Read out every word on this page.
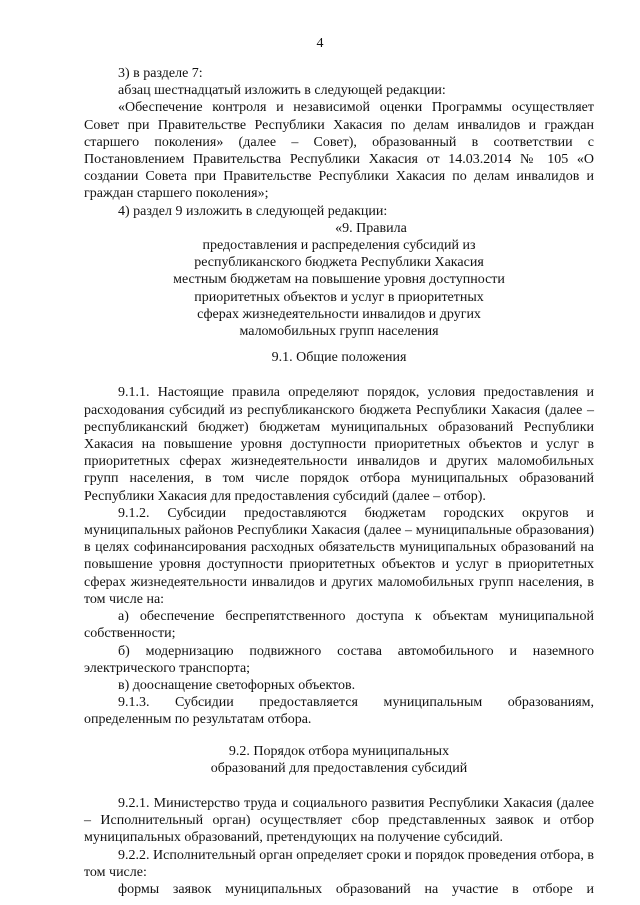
4

3) в разделе 7:

абзац шестнадцатый изложить в следующей редакции:

«Обеспечение контроля и независимой оценки Программы осуществляет Совет при Правительстве Республики Хакасия по делам инвалидов и граждан старшего поколения» (далее – Совет), образованный в соответствии с Постановлением Правительства Республики Хакасия от 14.03.2014 № 105 «О создании Совета при Правительстве Республики Хакасия по делам инвалидов и граждан старшего поколения»;

4) раздел 9 изложить в следующей редакции:

«9. Правила

предоставления и распределения субсидий из

республиканского бюджета Республики Хакасия

местным бюджетам на повышение уровня доступности

приоритетных объектов и услуг в приоритетных

сферах жизнедеятельности инвалидов и других

маломобильных групп населения

9.1. Общие положения

9.1.1. Настоящие правила определяют порядок, условия предоставления и расходования субсидий из республиканского бюджета Республики Хакасия (далее – республиканский бюджет) бюджетам муниципальных образований Республики Хакасия на повышение уровня доступности приоритетных объектов и услуг в приоритетных сферах жизнедеятельности инвалидов и других маломобильных групп населения, в том числе порядок отбора муниципальных образований Республики Хакасия для предоставления субсидий (далее – отбор).

9.1.2. Субсидии предоставляются бюджетам городских округов и муниципальных районов Республики Хакасия (далее – муниципальные образования) в целях софинансирования расходных обязательств муниципальных образований на повышение уровня доступности приоритетных объектов и услуг в приоритетных сферах жизнедеятельности инвалидов и других маломобильных групп населения, в том числе на:

а) обеспечение беспрепятственного доступа к объектам муниципальной собственности;

б) модернизацию подвижного состава автомобильного и наземного электрического транспорта;

в) дооснащение светофорных объектов.

9.1.3. Субсидии предоставляется муниципальным образованиям, определенным по результатам отбора.

9.2. Порядок отбора муниципальных

образований для предоставления субсидий

9.2.1. Министерство труда и социального развития Республики Хакасия (далее – Исполнительный орган) осуществляет сбор представленных заявок и отбор муниципальных образований, претендующих на получение субсидий.

9.2.2. Исполнительный орган определяет сроки и порядок проведения отбора, в том числе:

формы заявок муниципальных образований на участие в отборе и
